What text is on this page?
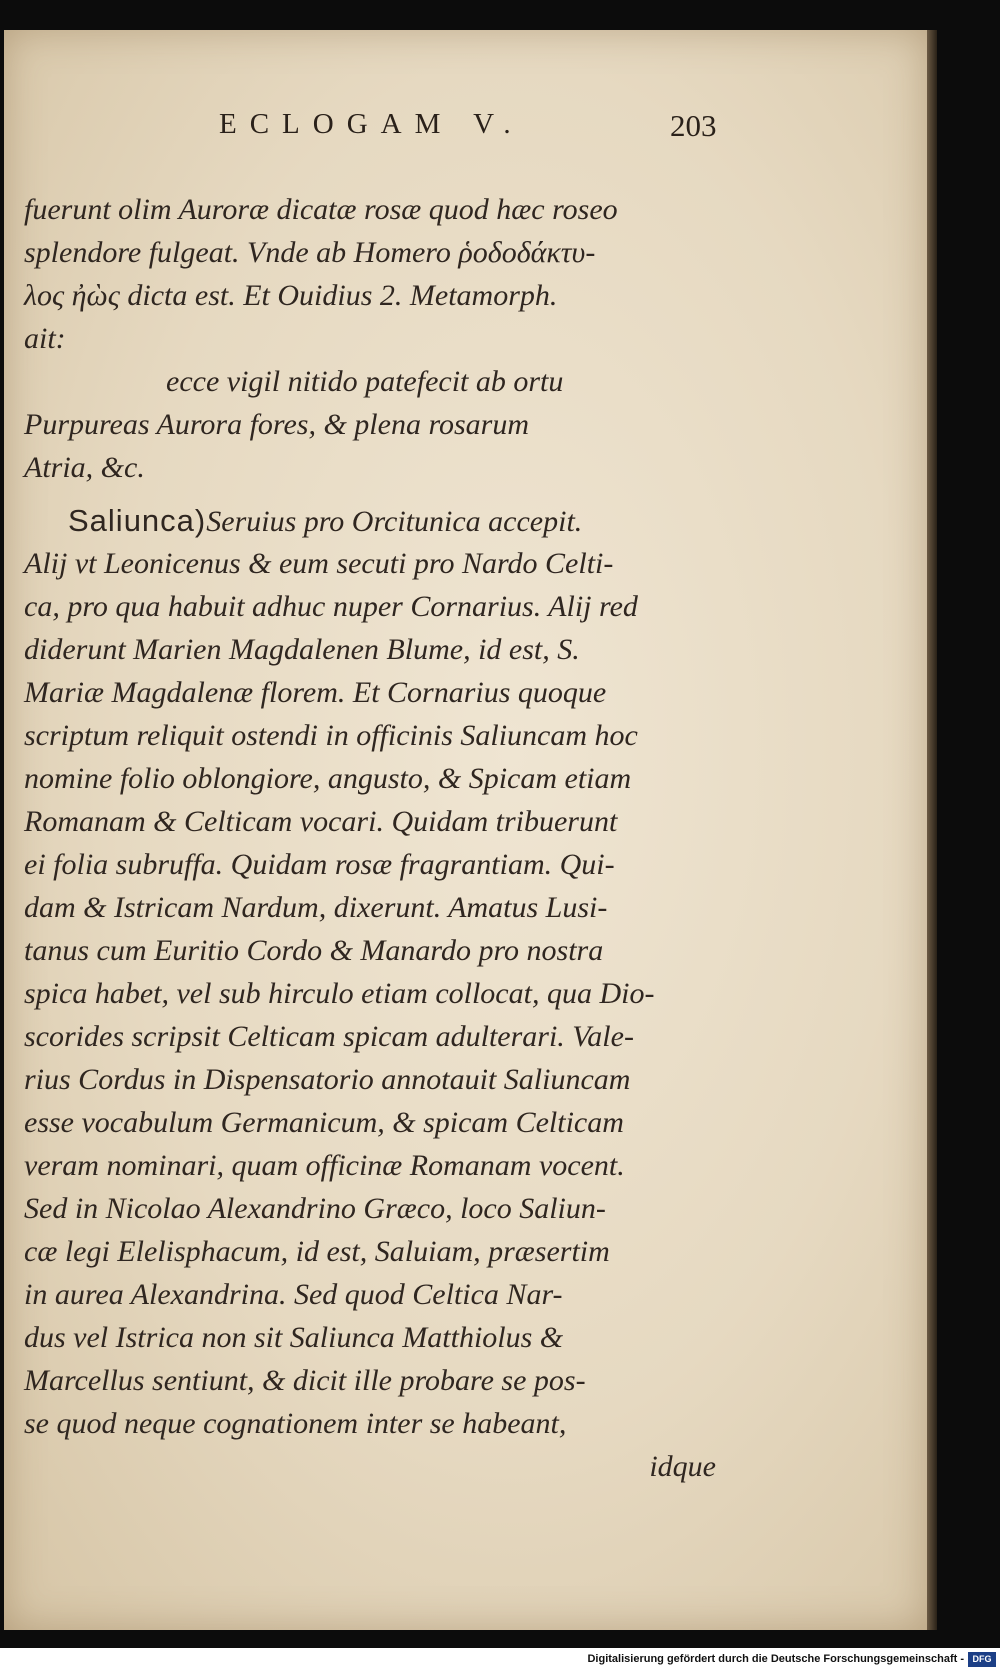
ECLOGAM V.	203
fuerunt olim Auroræ dicatæ rosæ quod hæc roseo
splendore fulgeat. Vnde ab Homero ῥοδοδάκτυ-
λος ἠὼς dicta est. Et Ouidius 2. Metamorph.
ait:
ecce vigil nitido patefecit ab ortu
Purpureas Aurora fores, & plena rosarum
Atria, &c.
Saliunca)Seruius pro Orcitunica accepit.
Alij vt Leonicenus & eum secuti pro Nardo Celti-
ca, pro qua habuit adhuc nuper Cornarius. Alij red
diderunt Marien Magdalenen Blume, id est, S.
Mariæ Magdalenæ florem. Et Cornarius quoque
scriptum reliquit ostendi in officinis Saliuncam hoc
nomine folio oblongiore, angusto, & Spicam etiam
Romanam & Celticam vocari. Quidam tribuerunt
ei folia subruffa. Quidam rosæ fragrantiam. Qui-
dam & Istricam Nardum, dixerunt. Amatus Lusi-
tanus cum Euritio Cordo & Manardo pro nostra
spica habet, vel sub hirculo etiam collocat, qua Dio-
scorides scripsit Celticam spicam adulterari. Vale-
rius Cordus in Dispensatorio annotauit Saliuncam
esse vocabulum Germanicum, & spicam Celticam
veram nominari, quam officinæ Romanam vocent.
Sed in Nicolao Alexandrino Græco, loco Saliun-
cæ legi Elelisphacum, id est, Saluiam, præsertim
in aurea Alexandrina. Sed quod Celtica Nar-
dus vel Istrica non sit Saliunca Matthiolus &
Marcellus sentiunt, & dicit ille probare se pos-
se quod neque cognationem inter se habeant,
idque
Digitalisierung gefördert durch die Deutsche Forschungsgemeinschaft - DFG
